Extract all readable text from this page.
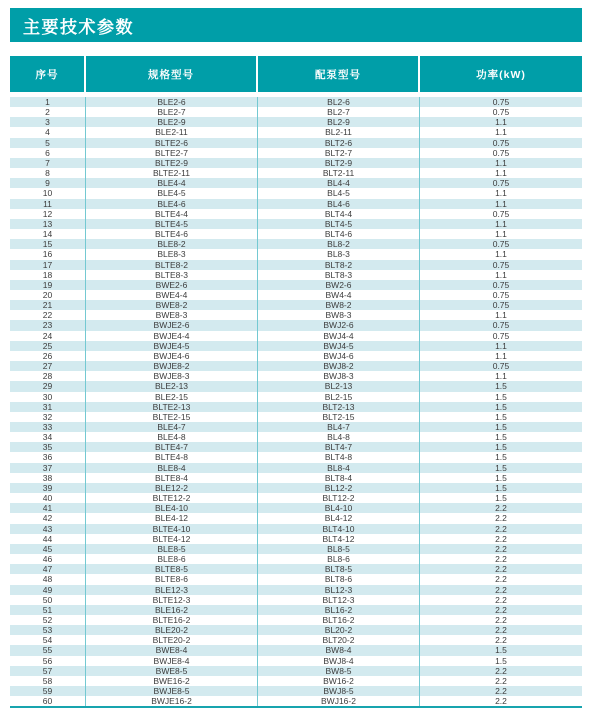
主要技术参数
序号	规格型号	配泵型号	功率(kW)
1	BLE2-6	BL2-6	0.75
2	BLE2-7	BL2-7	0.75
3	BLE2-9	BL2-9	1.1
4	BLE2-11	BL2-11	1.1
5	BLTE2-6	BLT2-6	0.75
6	BLTE2-7	BLT2-7	0.75
7	BLTE2-9	BLT2-9	1.1
8	BLTE2-11	BLT2-11	1.1
9	BLE4-4	BL4-4	0.75
10	BLE4-5	BL4-5	1.1
11	BLE4-6	BL4-6	1.1
12	BLTE4-4	BLT4-4	0.75
13	BLTE4-5	BLT4-5	1.1
14	BLTE4-6	BLT4-6	1.1
15	BLE8-2	BL8-2	0.75
16	BLE8-3	BL8-3	1.1
17	BLTE8-2	BLT8-2	0.75
18	BLTE8-3	BLT8-3	1.1
19	BWE2-6	BW2-6	0.75
20	BWE4-4	BW4-4	0.75
21	BWE8-2	BW8-2	0.75
22	BWE8-3	BW8-3	1.1
23	BWJE2-6	BWJ2-6	0.75
24	BWJE4-4	BWJ4-4	0.75
25	BWJE4-5	BWJ4-5	1.1
26	BWJE4-6	BWJ4-6	1.1
27	BWJE8-2	BWJ8-2	0.75
28	BWJE8-3	BWJ8-3	1.1
29	BLE2-13	BL2-13	1.5
30	BLE2-15	BL2-15	1.5
31	BLTE2-13	BLT2-13	1.5
32	BLTE2-15	BLT2-15	1.5
33	BLE4-7	BL4-7	1.5
34	BLE4-8	BL4-8	1.5
35	BLTE4-7	BLT4-7	1.5
36	BLTE4-8	BLT4-8	1.5
37	BLE8-4	BL8-4	1.5
38	BLTE8-4	BLT8-4	1.5
39	BLE12-2	BL12-2	1.5
40	BLTE12-2	BLT12-2	1.5
41	BLE4-10	BL4-10	2.2
42	BLE4-12	BL4-12	2.2
43	BLTE4-10	BLT4-10	2.2
44	BLTE4-12	BLT4-12	2.2
45	BLE8-5	BL8-5	2.2
46	BLE8-6	BL8-6	2.2
47	BLTE8-5	BLT8-5	2.2
48	BLTE8-6	BLT8-6	2.2
49	BLE12-3	BL12-3	2.2
50	BLTE12-3	BLT12-3	2.2
51	BLE16-2	BL16-2	2.2
52	BLTE16-2	BLT16-2	2.2
53	BLE20-2	BL20-2	2.2
54	BLTE20-2	BLT20-2	2.2
55	BWE8-4	BW8-4	1.5
56	BWJE8-4	BWJ8-4	1.5
57	BWE8-5	BW8-5	2.2
58	BWE16-2	BW16-2	2.2
59	BWJE8-5	BWJ8-5	2.2
60	BWJE16-2	BWJ16-2	2.2
